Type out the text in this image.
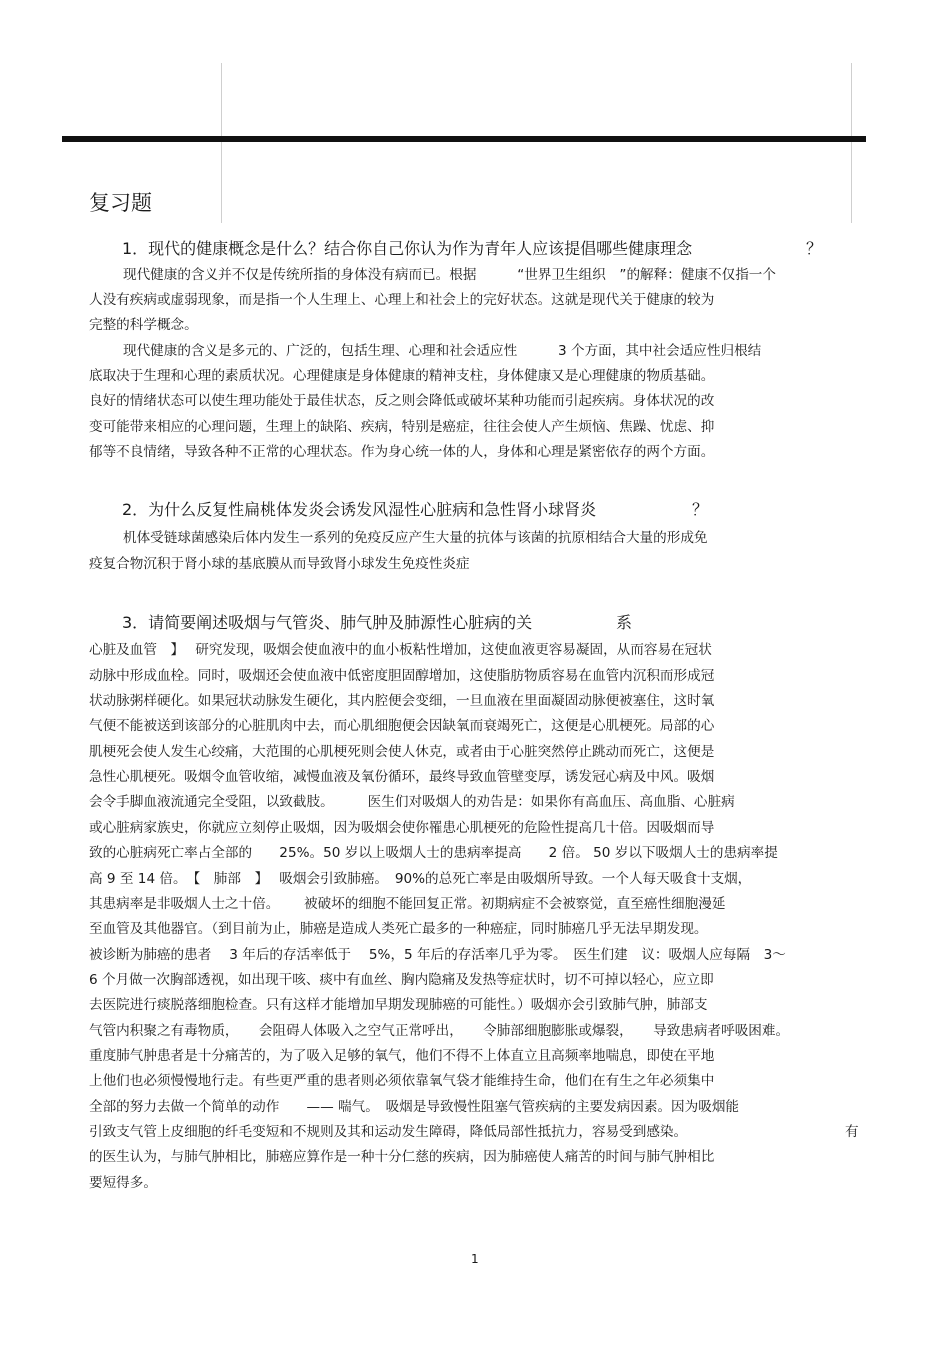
复习题
1．现代的健康概念是什么？结合你自己你认为作为青年人应该提倡哪些健康理念	？
现代健康的含义并不仅是传统所指的身体没有病而已。根据　　　“世界卫生组织　”的解释：健康不仅指一个
人没有疾病或虚弱现象，而是指一个人生理上、心理上和社会上的完好状态。这就是现代关于健康的较为
完整的科学概念。
现代健康的含义是多元的、广泛的，包括生理、心理和社会适应性　　　3 个方面，其中社会适应性归根结
底取决于生理和心理的素质状况。心理健康是身体健康的精神支柱，身体健康又是心理健康的物质基础。
良好的情绪状态可以使生理功能处于最佳状态，反之则会降低或破坏某种功能而引起疾病。身体状况的改
变可能带来相应的心理问题，生理上的缺陷、疾病，特别是癌症，往往会使人产生烦恼、焦躁、忧虑、抑
郁等不良情绪，导致各种不正常的心理状态。作为身心统一体的人，身体和心理是紧密依存的两个方面。
2．为什么反复性扁桃体发炎会诱发风湿性心脏病和急性肾小球肾炎	？
机体受链球菌感染后体内发生一系列的免疫反应产生大量的抗体与该菌的抗原相结合大量的形成免
疫复合物沉积于肾小球的基底膜从而导致肾小球发生免疫性炎症
3．请简要阐述吸烟与气管炎、肺气肿及肺源性心脏病的关	系
心脏及血管　】　 研究发现，吸烟会使血液中的血小板粘性增加，这使血液更容易凝固，从而容易在冠状
动脉中形成血栓。同时，吸烟还会使血液中低密度胆固醇增加，这使脂肪物质容易在血管内沉积而形成冠
状动脉粥样硬化。如果冠状动脉发生硬化，其内腔便会变细，一旦血液在里面凝固动脉便被塞住，这时氧
气便不能被送到该部分的心脏肌肉中去，而心肌细胞便会因缺氧而衰竭死亡，这便是心肌梗死。局部的心
肌梗死会使人发生心绞痛，大范围的心肌梗死则会使人休克，或者由于心脏突然停止跳动而死亡，这便是
急性心肌梗死。吸烟令血管收缩，减慢血液及氧份循环，最终导致血管壁变厚，诱发冠心病及中风。吸烟
会令手脚血液流通完全受阻，以致截肢。　　　医生们对吸烟人的劝告是：如果你有高血压、高血脂、心脏病
或心脏病家族史，你就应立刻停止吸烟，因为吸烟会使你罹患心肌梗死的危险性提高几十倍。因吸烟而导
致的心脏病死亡率占全部的　　25%。50 岁以上吸烟人士的患病率提高　　2 倍。 50 岁以下吸烟人士的患病率提
高 9 至 14 倍。　【　肺部　】　 吸烟会引致肺癌。　90%的总死亡率是由吸烟所导致。一个人每天吸食十支烟，
其患病率是非吸烟人士之十倍。　　 被破坏的细胞不能回复正常。初期病症不会被察觉，直至癌性细胞漫延
至血管及其他器官。（到目前为止，肺癌是造成人类死亡最多的一种癌症，同时肺癌几乎无法早期发现。
被诊断为肺癌的患者　 3 年后的存活率低于　 5%，5 年后的存活率几乎为零。　医生们建　议：吸烟人应每隔　3～
6 个月做一次胸部透视，如出现干咳、痰中有血丝、胸内隐痛及发热等症状时，切不可掉以轻心，应立即
去医院进行痰脱落细胞检查。只有这样才能增加早期发现肺癌的可能性。）吸烟亦会引致肺气肿，肺部支
气管内积聚之有毒物质，　　会阻碍人体吸入之空气正常呼出，　　令肺部细胞膨胀或爆裂，　　导致患病者呼吸困难。
重度肺气肿患者是十分痛苦的，为了吸入足够的氧气，他们不得不上体直立且高频率地喘息，即使在平地
上他们也必须慢慢地行走。有些更严重的患者则必须依靠氧气袋才能维持生命，他们在有生之年必须集中
全部的努力去做一个简单的动作　　—— 喘气。　吸烟是导致慢性阻塞气管疾病的主要发病因素。因为吸烟能
引致支气管上皮细胞的纤毛变短和不规则及其和运动发生障碍，降低局部性抵抗力，容易受到感染。	有
的医生认为，与肺气肿相比，肺癌应算作是一种十分仁慈的疾病，因为肺癌使人痛苦的时间与肺气肿相比
要短得多。
1
